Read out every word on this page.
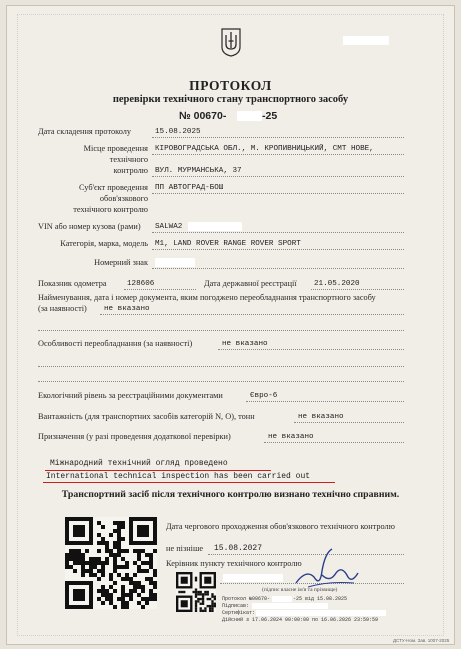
ПРОТОКОЛ
перевірки технічного стану транспортного засобу
№ 00670-	-25
Дата складення протоколу	15.08.2025
Місце проведення
технічного
контролю
КІРОВОГРАДСЬКА ОБЛ., М. КРОПИВНИЦЬКИЙ, СМТ НОВЕ,
ВУЛ. МУРМАНСЬКА, 37
Суб'єкт проведення
обов'язкового
технічного контролю
ПП АВТОГРАД-БОШ
VIN або номер кузова (рами) SALWA2
Категорія, марка, модель M1, LAND ROVER RANGE ROVER SPORT
Номерний знак
Показник одометра	128606	Дата державної реєстрації 21.05.2020
Найменування, дата і номер документа, яким погоджено переобладнання транспортного засобу
(за наявності) не вказано
Особливості переобладнання (за наявності)	не вказано
Екологічний рівень за реєстраційними документами	Євро-6
Вантажність (для транспортних засобів категорій N, O), тонн	не вказано
Призначення (у разі проведення додаткової перевірки)	не вказано
Міжнародний технічний огляд проведено
International technical inspection has been carried out
Транспортний засіб після технічного контролю визнано технічно справним.
Дата чергового проходження обов'язкового технічного контролю
не пізніше 15.08.2027
Керівник пункту технічного контролю
(підпис власне ім'я та прізвище)
Протокол №00670-	-25 від 15.08.2025
Підписав:
Сертифікат:
Дійсний з 17.06.2024 00:00:00 по 16.06.2026 23:59:59
ДСТУ-Ном. Зав. 1007-2025
